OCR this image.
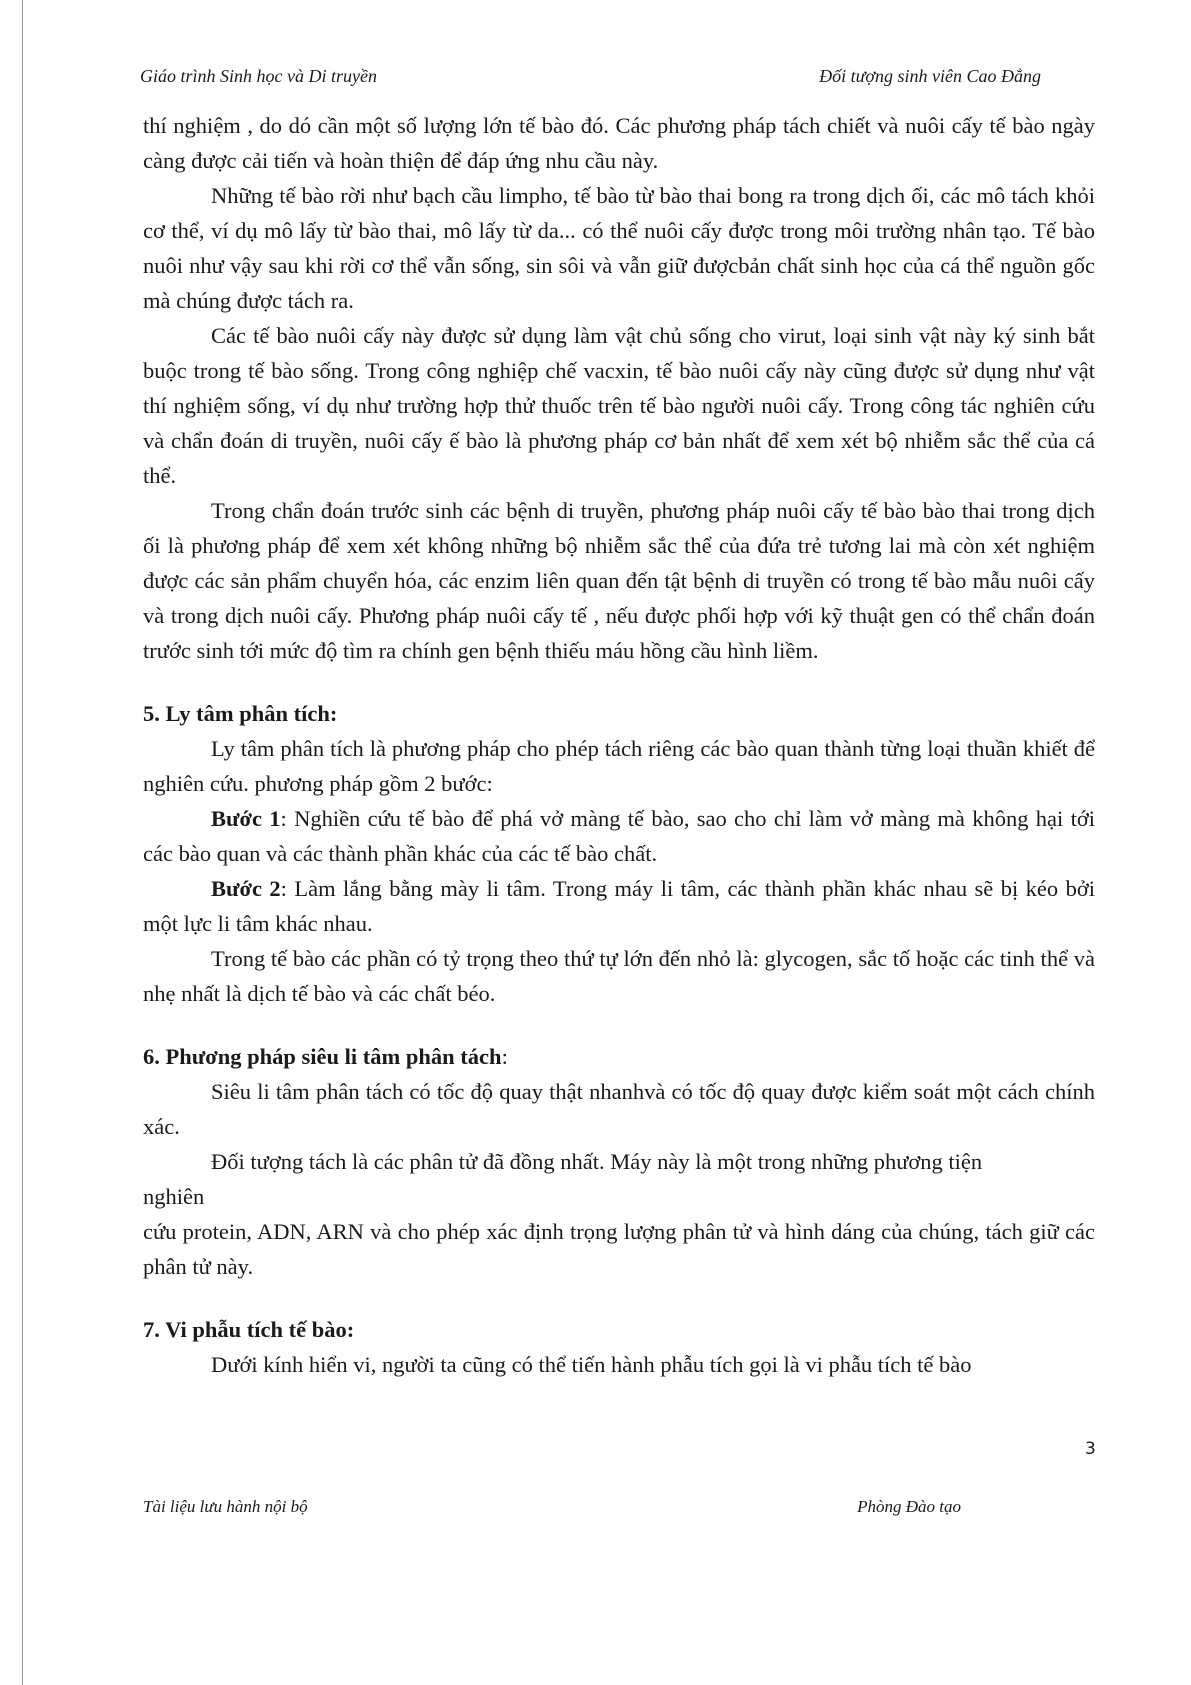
Giáo trình Sinh học và Di truyền	Đối tượng sinh viên Cao Đẳng

thí nghiệm , do dó cần một số lượng lớn tế bào đó. Các phương pháp tách chiết và nuôi cấy tế bào ngày càng được cải tiến và hoàn thiện để đáp ứng nhu cầu này.

Những tế bào rời như bạch cầu limpho, tế bào từ bào thai bong ra trong dịch ối, các mô tách khỏi cơ thể, ví dụ mô lấy từ bào thai, mô lấy từ da... có thể nuôi cấy được trong môi trường nhân tạo. Tế bào nuôi như vậy sau khi rời cơ thể vẫn sống, sin sôi và vẫn giữ đượcbản chất sinh học của cá thể nguồn gốc mà chúng được tách ra.

Các tế bào nuôi cấy này được sử dụng làm vật chủ sống cho virut, loại sinh vật này ký sinh bắt buộc trong tế bào sống. Trong công nghiệp chế vacxin, tế bào nuôi cấy này cũng được sử dụng như vật thí nghiệm sống, ví dụ như trường hợp thử thuốc trên tế bào người nuôi cấy. Trong công tác nghiên cứu và chẩn đoán di truyền, nuôi cấy ế bào là phương pháp cơ bản nhất để xem xét bộ nhiễm sắc thể của cá thể.

Trong chẩn đoán trước sinh các bệnh di truyền, phương pháp nuôi cấy tế bào bào thai trong dịch ối là phương pháp để xem xét không những bộ nhiễm sắc thể của đứa trẻ tương lai mà còn xét nghiệm được các sản phẩm chuyển hóa, các enzim liên quan đến tật bệnh di truyền có trong tế bào mẫu nuôi cấy và trong dịch nuôi cấy. Phương pháp nuôi cấy tế , nếu được phối hợp với kỹ thuật gen có thể chẩn đoán trước sinh tới mức độ tìm ra chính gen bệnh thiếu máu hồng cầu hình liềm.

5. Ly tâm phân tích:

Ly tâm phân tích là phương pháp cho phép tách riêng các bào quan thành từng loại thuần khiết để nghiên cứu. phương pháp gồm 2 bước:

Bước 1: Nghiền cứu tế bào để phá vở màng tế bào, sao cho chỉ làm vở màng mà không hại tới các bào quan và các thành phần khác của các tế bào chất.

Bước 2: Làm lắng bằng mày li tâm. Trong máy li tâm, các thành phần khác nhau sẽ bị kéo bởi một lực li tâm khác nhau.

Trong tế bào các phần có tỷ trọng theo thứ tự lớn đến nhỏ là: glycogen, sắc tố hoặc các tinh thể và nhẹ nhất là dịch tế bào và các chất béo.

6. Phương pháp siêu li tâm phân tách:

Siêu li tâm phân tách có tốc độ quay thật nhanhvà có tốc độ quay được kiểm soát một cách chính xác.

Đối tượng tách là các phân tử đã đồng nhất. Máy này là một trong những phương tiện

nghiên

cứu protein, ADN, ARN và cho phép xác định trọng lượng phân tử và hình dáng của chúng, tách giữ các phân tử này.

7. Vi phẫu tích tế bào:

Dưới kính hiển vi, người ta cũng có thể tiến hành phẫu tích gọi là vi phẫu tích tế bào

3
Tài liệu lưu hành nội bộ	Phòng Đào tạo
